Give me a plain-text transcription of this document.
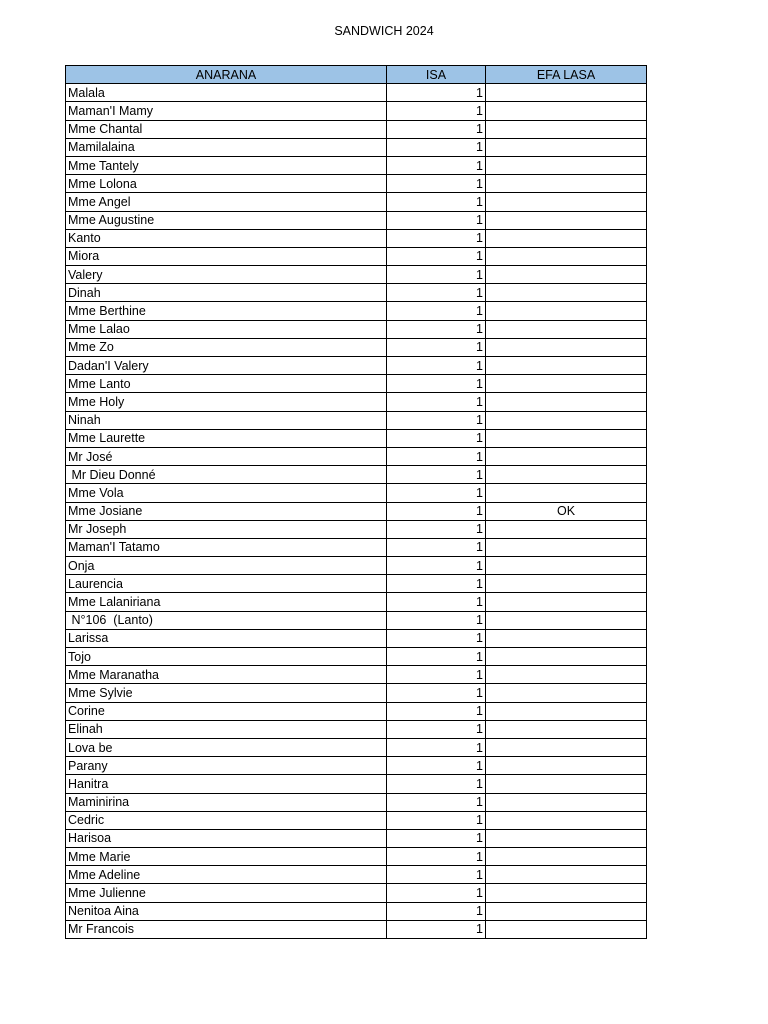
SANDWICH 2024
ANARANA	ISA	EFA LASA
Malala	1	
Maman'I Mamy	1	
Mme Chantal	1	
Mamilalaina	1	
Mme Tantely	1	
Mme Lolona	1	
Mme Angel	1	
Mme Augustine	1	
Kanto	1	
Miora	1	
Valery	1	
Dinah	1	
Mme Berthine	1	
Mme Lalao	1	
Mme Zo	1	
Dadan'I Valery	1	
Mme Lanto	1	
Mme Holy	1	
Ninah	1	
Mme Laurette	1	
Mr José	1	
Mr Dieu Donné	1	
Mme Vola	1	
Mme Josiane	1	OK
Mr Joseph	1	
Maman'I Tatamo	1	
Onja	1	
Laurencia	1	
Mme Lalaniriana	1	
N°106  (Lanto)	1	
Larissa	1	
Tojo	1	
Mme Maranatha	1	
Mme Sylvie	1	
Corine	1	
Elinah	1	
Lova be	1	
Parany	1	
Hanitra	1	
Maminirina	1	
Cedric	1	
Harisoa	1	
Mme Marie	1	
Mme Adeline	1	
Mme Julienne	1	
Nenitoa Aina	1	
Mr Francois	1	
